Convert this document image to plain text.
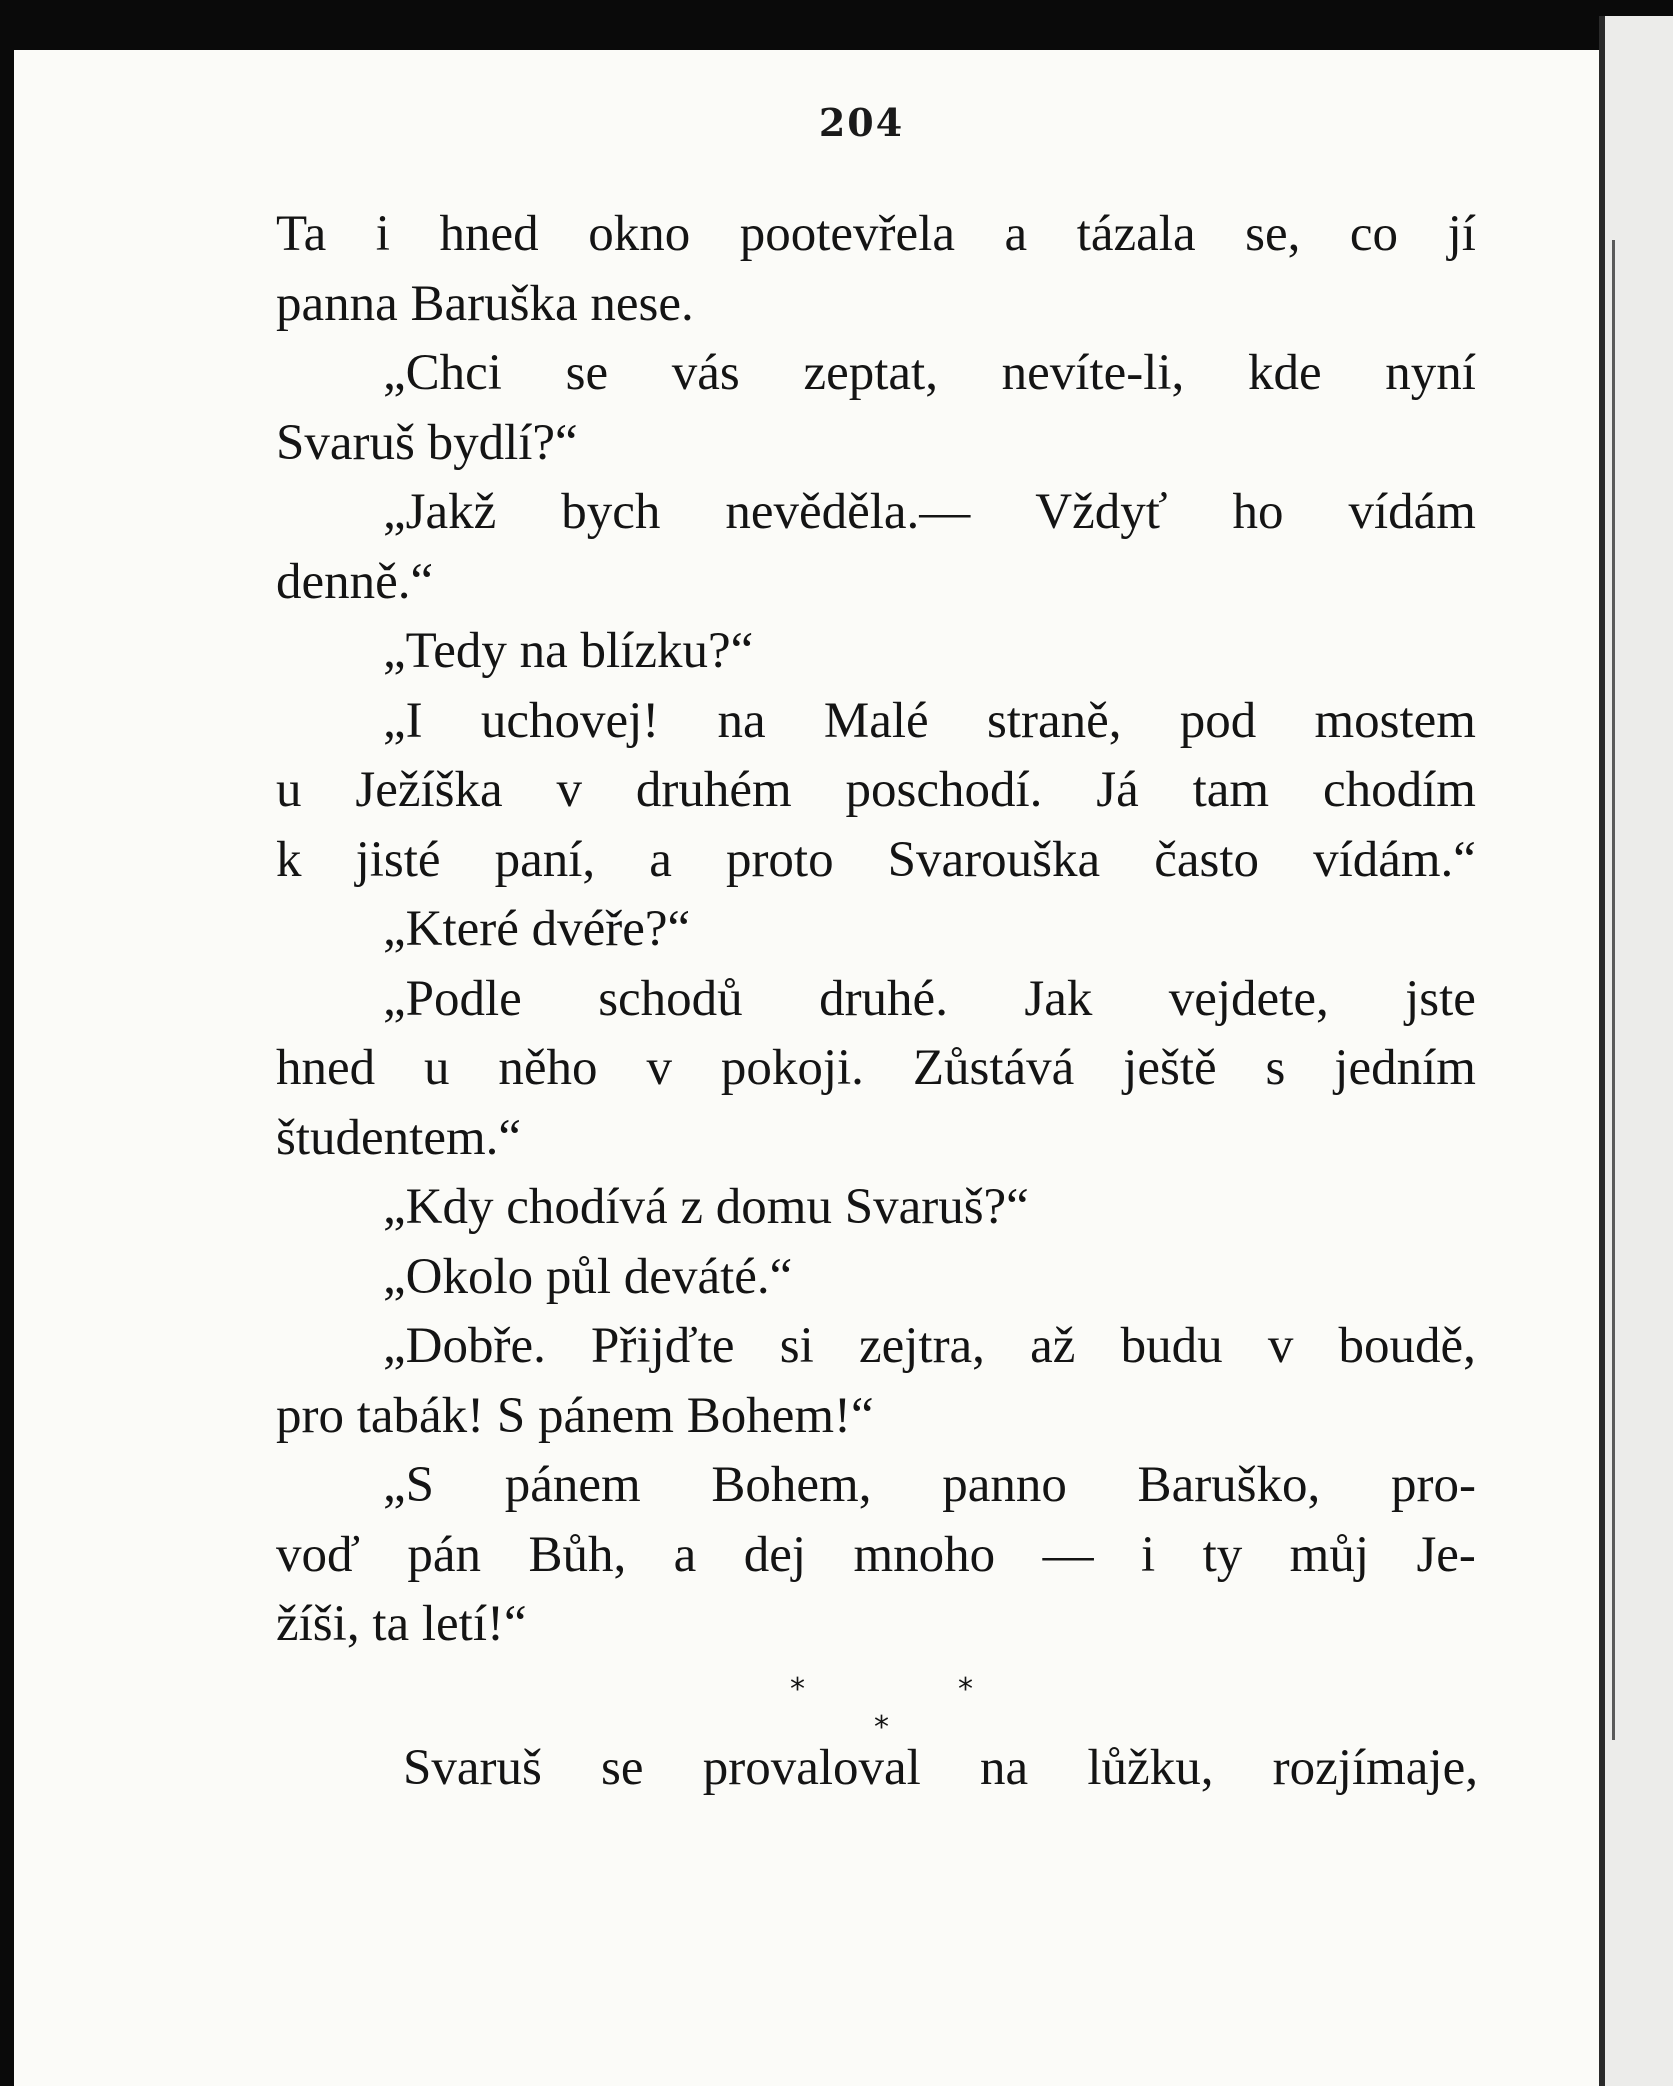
204
Ta i hned okno pootevřela a tázala se, co jí
panna Baruška nese.
„Chci se vás zeptat, nevíte-li, kde nyní
Svaruš bydlí?“
„Jakž bych nevěděla.— Vždyť ho vídám
denně.“
„Tedy na blízku?“
„I uchovej! na Malé straně, pod mostem
u Ježíška v druhém poschodí. Já tam chodím
k jisté paní, a proto Svarouška často vídám.“
„Které dvéře?“
„Podle schodů druhé. Jak vejdete, jste
hned u něho v pokoji. Zůstává ještě s jedním
študentem.“
„Kdy chodívá z domu Svaruš?“
„Okolo půl deváté.“
„Dobře. Přijďte si zejtra, až budu v boudě,
pro tabák! S pánem Bohem!“
„S pánem Bohem, panno Baruško, pro-
voď pán Bůh, a dej mnoho — i ty můj Je-
žíši, ta letí!“
*	*
*
Svaruš se provaloval na lůžku, rozjímaje,
